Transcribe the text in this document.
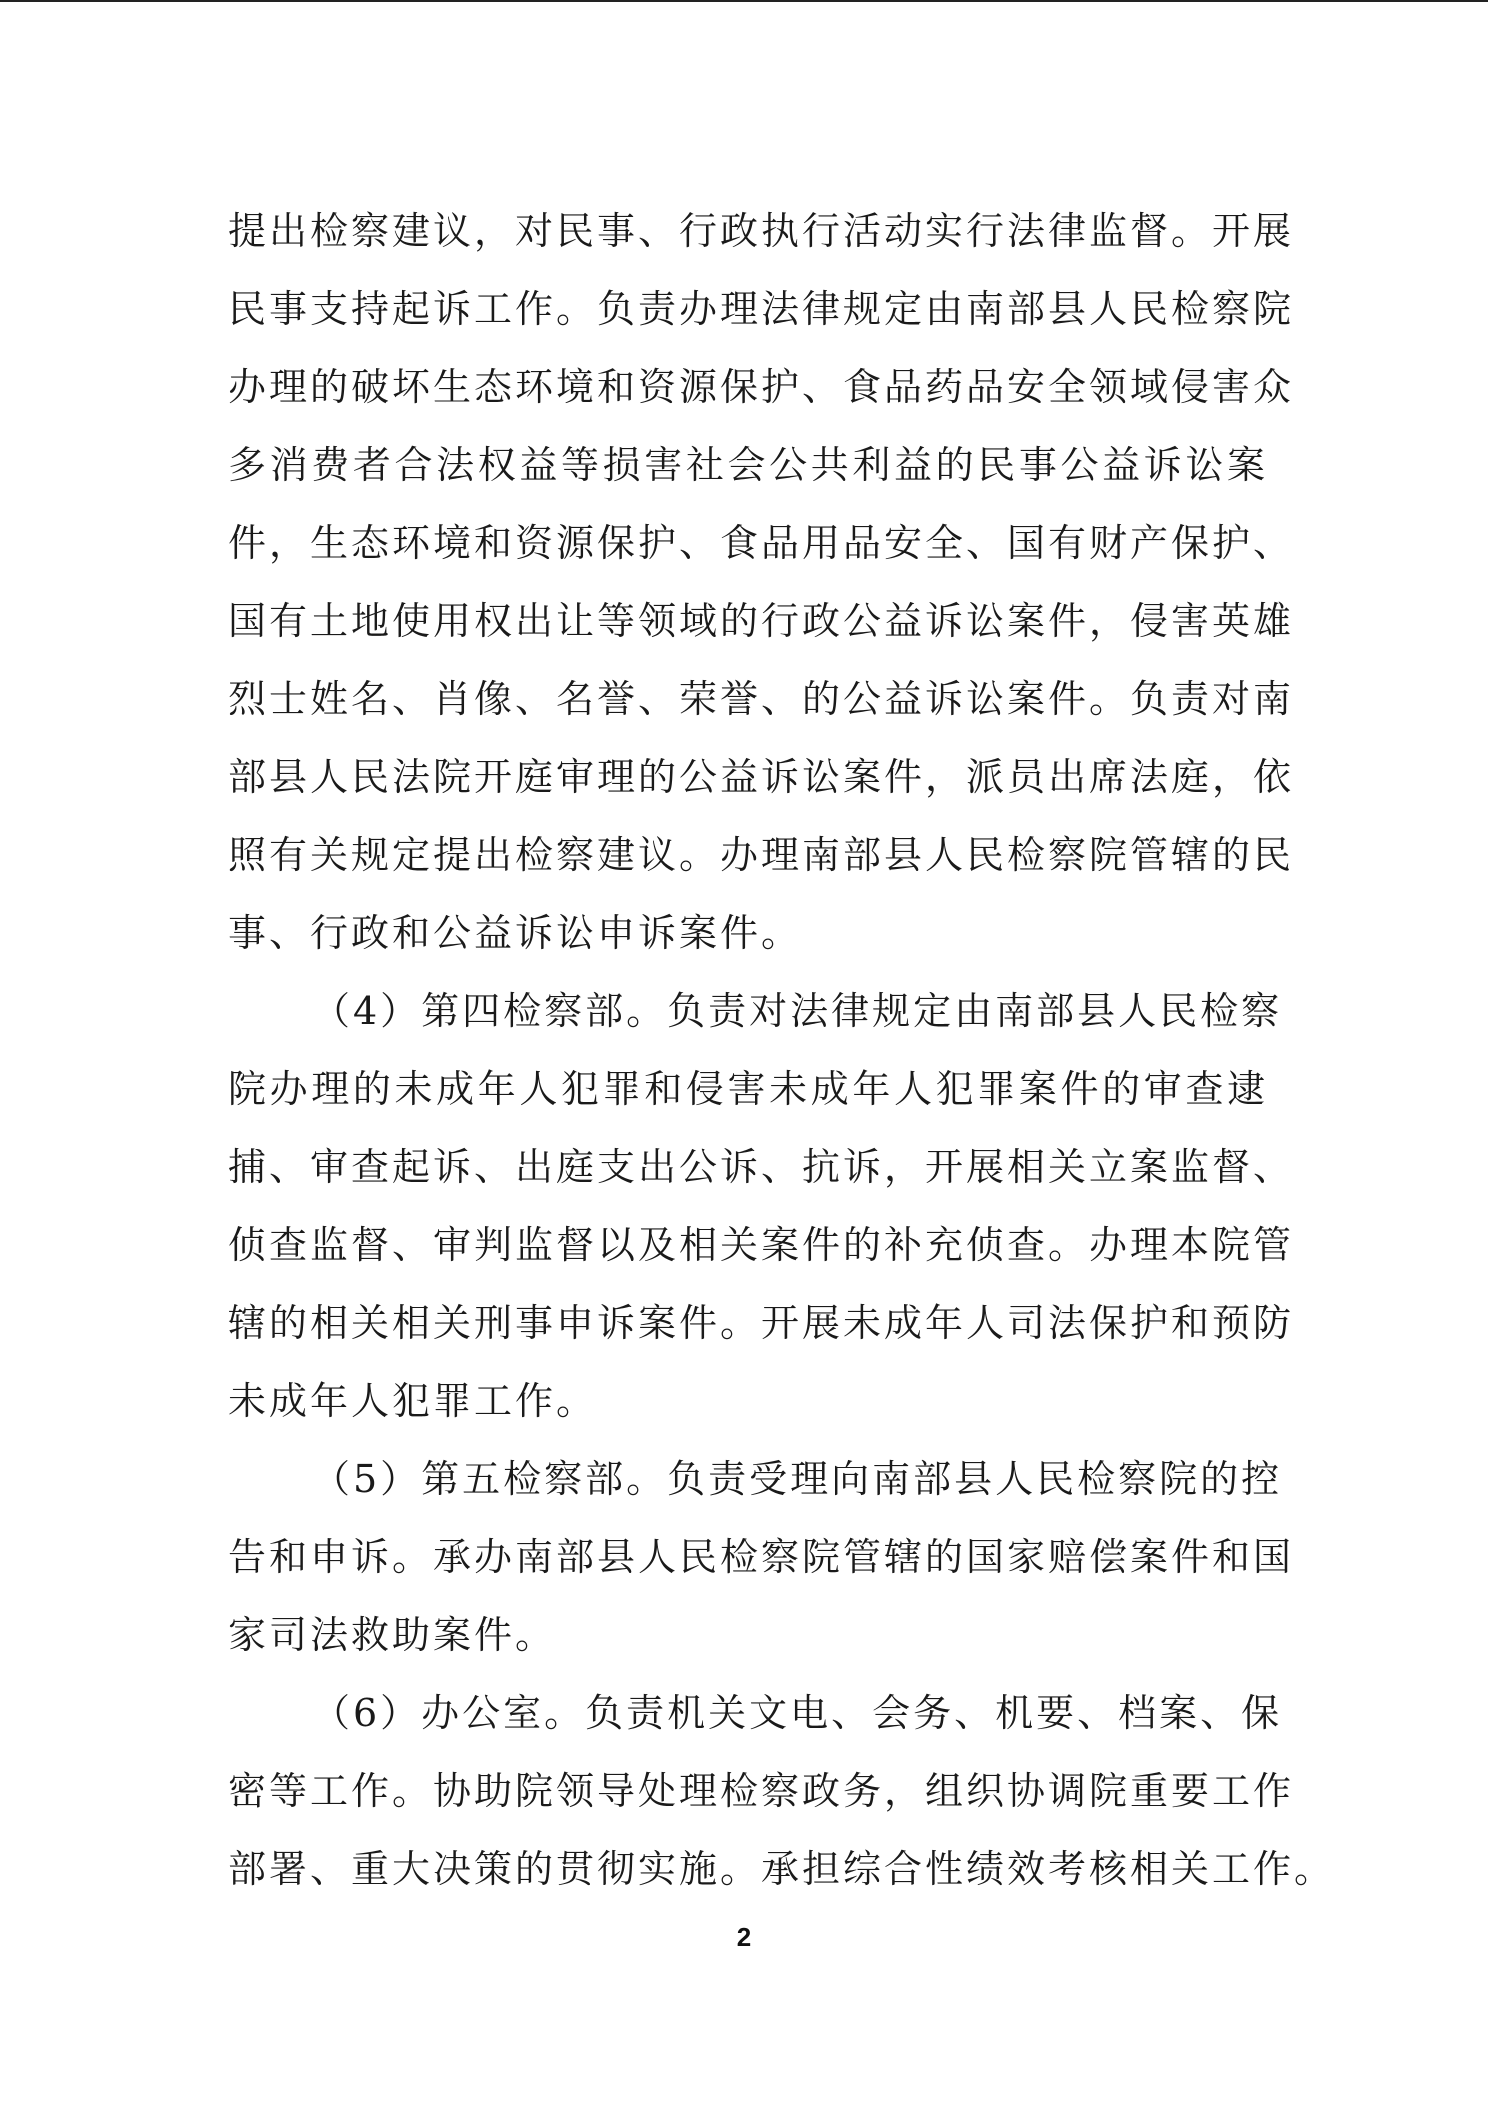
提出检察建议，对民事、行政执行活动实行法律监督。开展
民事支持起诉工作。负责办理法律规定由南部县人民检察院
办理的破坏生态环境和资源保护、食品药品安全领域侵害众
多消费者合法权益等损害社会公共利益的民事公益诉讼案
件，生态环境和资源保护、食品用品安全、国有财产保护、
国有土地使用权出让等领域的行政公益诉讼案件，侵害英雄
烈士姓名、肖像、名誉、荣誉、的公益诉讼案件。负责对南
部县人民法院开庭审理的公益诉讼案件，派员出席法庭，依
照有关规定提出检察建议。办理南部县人民检察院管辖的民
事、行政和公益诉讼申诉案件。
（4）第四检察部。负责对法律规定由南部县人民检察
院办理的未成年人犯罪和侵害未成年人犯罪案件的审查逮
捕、审查起诉、出庭支出公诉、抗诉，开展相关立案监督、
侦查监督、审判监督以及相关案件的补充侦查。办理本院管
辖的相关相关刑事申诉案件。开展未成年人司法保护和预防
未成年人犯罪工作。
（5）第五检察部。负责受理向南部县人民检察院的控
告和申诉。承办南部县人民检察院管辖的国家赔偿案件和国
家司法救助案件。
（6）办公室。负责机关文电、会务、机要、档案、保
密等工作。协助院领导处理检察政务，组织协调院重要工作
部署、重大决策的贯彻实施。承担综合性绩效考核相关工作。
2
